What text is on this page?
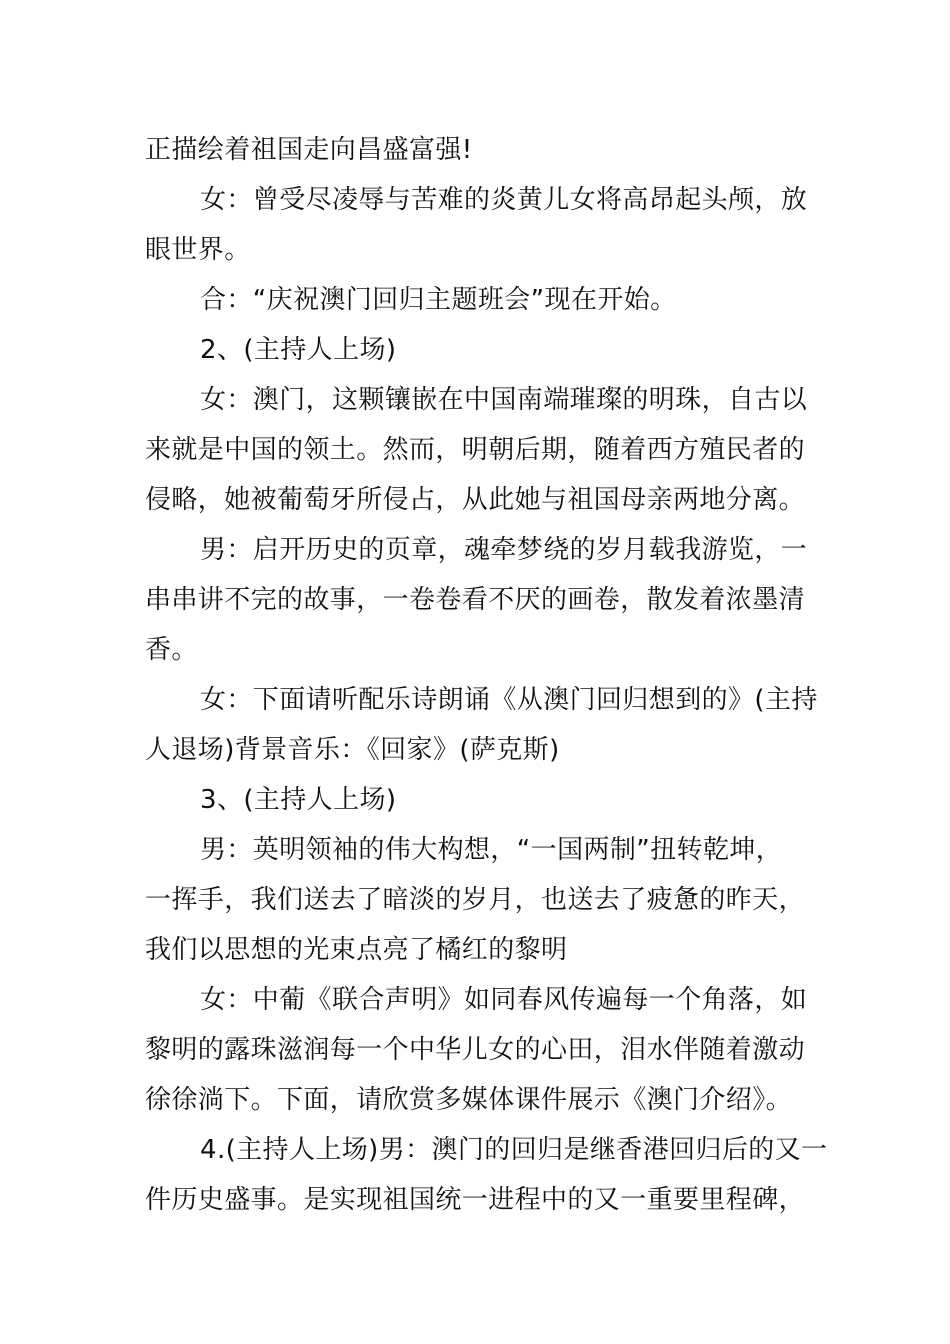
正描绘着祖国走向昌盛富强!
女：曾受尽凌辱与苦难的炎黄儿女将高昂起头颅，放
眼世界。
合：“庆祝澳门回归主题班会”现在开始。
2、(主持人上场)
女：澳门，这颗镶嵌在中国南端璀璨的明珠，自古以
来就是中国的领土。然而，明朝后期，随着西方殖民者的
侵略，她被葡萄牙所侵占，从此她与祖国母亲两地分离。
男：启开历史的页章，魂牵梦绕的岁月载我游览，一
串串讲不完的故事，一卷卷看不厌的画卷，散发着浓墨清
香。
女：下面请听配乐诗朗诵《从澳门回归想到的》(主持
人退场)背景音乐：《回家》(萨克斯)
3、(主持人上场)
男：英明领袖的伟大构想，“一国两制”扭转乾坤，
一挥手，我们送去了暗淡的岁月，也送去了疲惫的昨天，
我们以思想的光束点亮了橘红的黎明
女：中葡《联合声明》如同春风传遍每一个角落，如
黎明的露珠滋润每一个中华儿女的心田，泪水伴随着激动
徐徐淌下。下面，请欣赏多媒体课件展示《澳门介绍》。
4.(主持人上场)男：澳门的回归是继香港回归后的又一
件历史盛事。是实现祖国统一进程中的又一重要里程碑，
